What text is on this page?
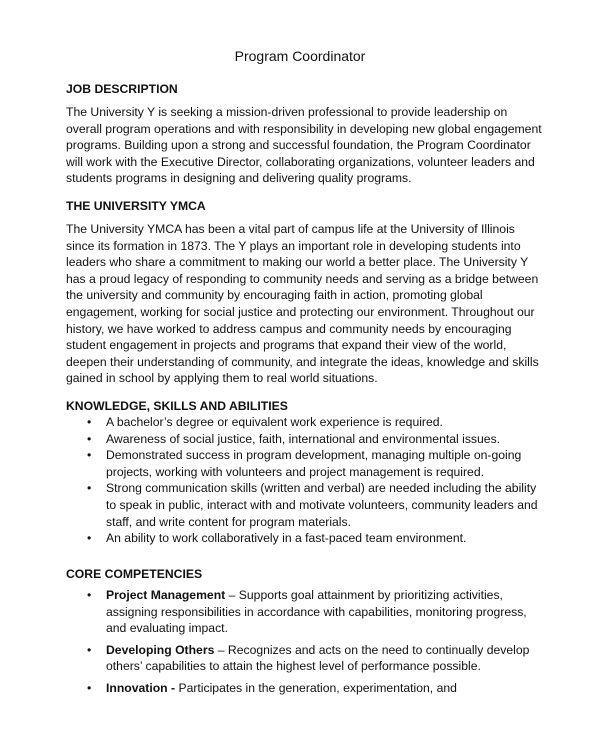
Program Coordinator
JOB DESCRIPTION

The University Y is seeking a mission-driven professional to provide leadership on overall program operations and with responsibility in developing new global engagement programs. Building upon a strong and successful foundation, the Program Coordinator will work with the Executive Director, collaborating organizations, volunteer leaders and students programs in designing and delivering quality programs.

THE UNIVERSITY YMCA

The University YMCA has been a vital part of campus life at the University of Illinois since its formation in 1873. The Y plays an important role in developing students into leaders who share a commitment to making our world a better place. The University Y has a proud legacy of responding to community needs and serving as a bridge between the university and community by encouraging faith in action, promoting global engagement, working for social justice and protecting our environment. Throughout our history, we have worked to address campus and community needs by encouraging student engagement in projects and programs that expand their view of the world, deepen their understanding of community, and integrate the ideas, knowledge and skills gained in school by applying them to real world situations.

KNOWLEDGE, SKILLS AND ABILITIES
• A bachelor’s degree or equivalent work experience is required.
• Awareness of social justice, faith, international and environmental issues.
• Demonstrated success in program development, managing multiple on-going projects, working with volunteers and project management is required.
• Strong communication skills (written and verbal) are needed including the ability to speak in public, interact with and motivate volunteers, community leaders and staff, and write content for program materials.
• An ability to work collaboratively in a fast-paced team environment.
CORE COMPETENCIES
• Project Management – Supports goal attainment by prioritizing activities, assigning responsibilities in accordance with capabilities, monitoring progress, and evaluating impact.
• Developing Others – Recognizes and acts on the need to continually develop others’ capabilities to attain the highest level of performance possible.
• Innovation - Participates in the generation, experimentation, and
